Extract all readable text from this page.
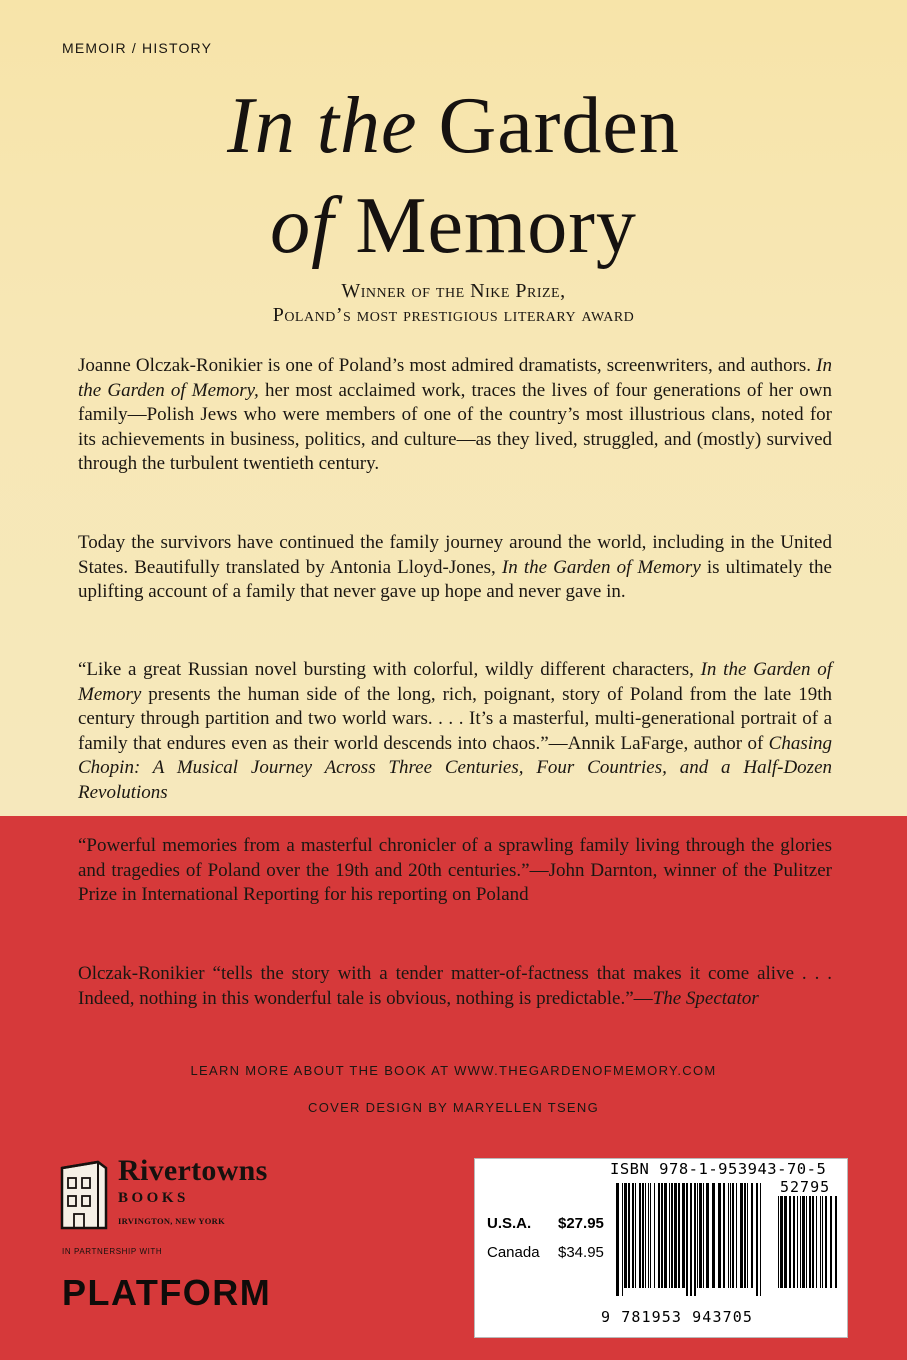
MEMOIR / HISTORY
In the Garden
of Memory
Winner of the Nike Prize,
Poland’s most prestigious literary award

Joanne Olczak-Ronikier is one of Poland’s most admired dramatists, screenwriters, and authors. In the Garden of Memory, her most acclaimed work, traces the lives of four generations of her own family—Polish Jews who were members of one of the country’s most illustrious clans, noted for its achievements in business, politics, and culture—as they lived, struggled, and (mostly) survived through the turbulent twentieth century.

Today the survivors have continued the family journey around the world, including in the United States. Beautifully translated by Antonia Lloyd-Jones, In the Garden of Memory is ultimately the uplifting account of a family that never gave up hope and never gave in.

“Like a great Russian novel bursting with colorful, wildly different characters, In the Garden of Memory presents the human side of the long, rich, poignant, story of Poland from the late 19th century through partition and two world wars. . . . It’s a masterful, multi-generational portrait of a family that endures even as their world descends into chaos.”—Annik LaFarge, author of Chasing Chopin: A Musical Journey Across Three Centuries, Four Countries, and a Half-Dozen Revolutions

“Powerful memories from a masterful chronicler of a sprawling family living through the glories and tragedies of Poland over the 19th and 20th centuries.”—John Darnton, winner of the Pulitzer Prize in International Reporting for his reporting on Poland

Olczak-Ronikier “tells the story with a tender matter-of-factness that makes it come alive . . . Indeed, nothing in this wonderful tale is obvious, nothing is predictable.”—The Spectator

LEARN MORE ABOUT THE BOOK AT WWW.THEGARDENOFMEMORY.COM
COVER DESIGN BY MARYELLEN TSENG
Rivertowns
BOOKS
IRVINGTON, NEW YORK
IN PARTNERSHIP WITH
PLATFORM
ISBN 978-1-953943-70-5
U.S.A. $27.95
Canada $34.95
52795
9 781953 943705
